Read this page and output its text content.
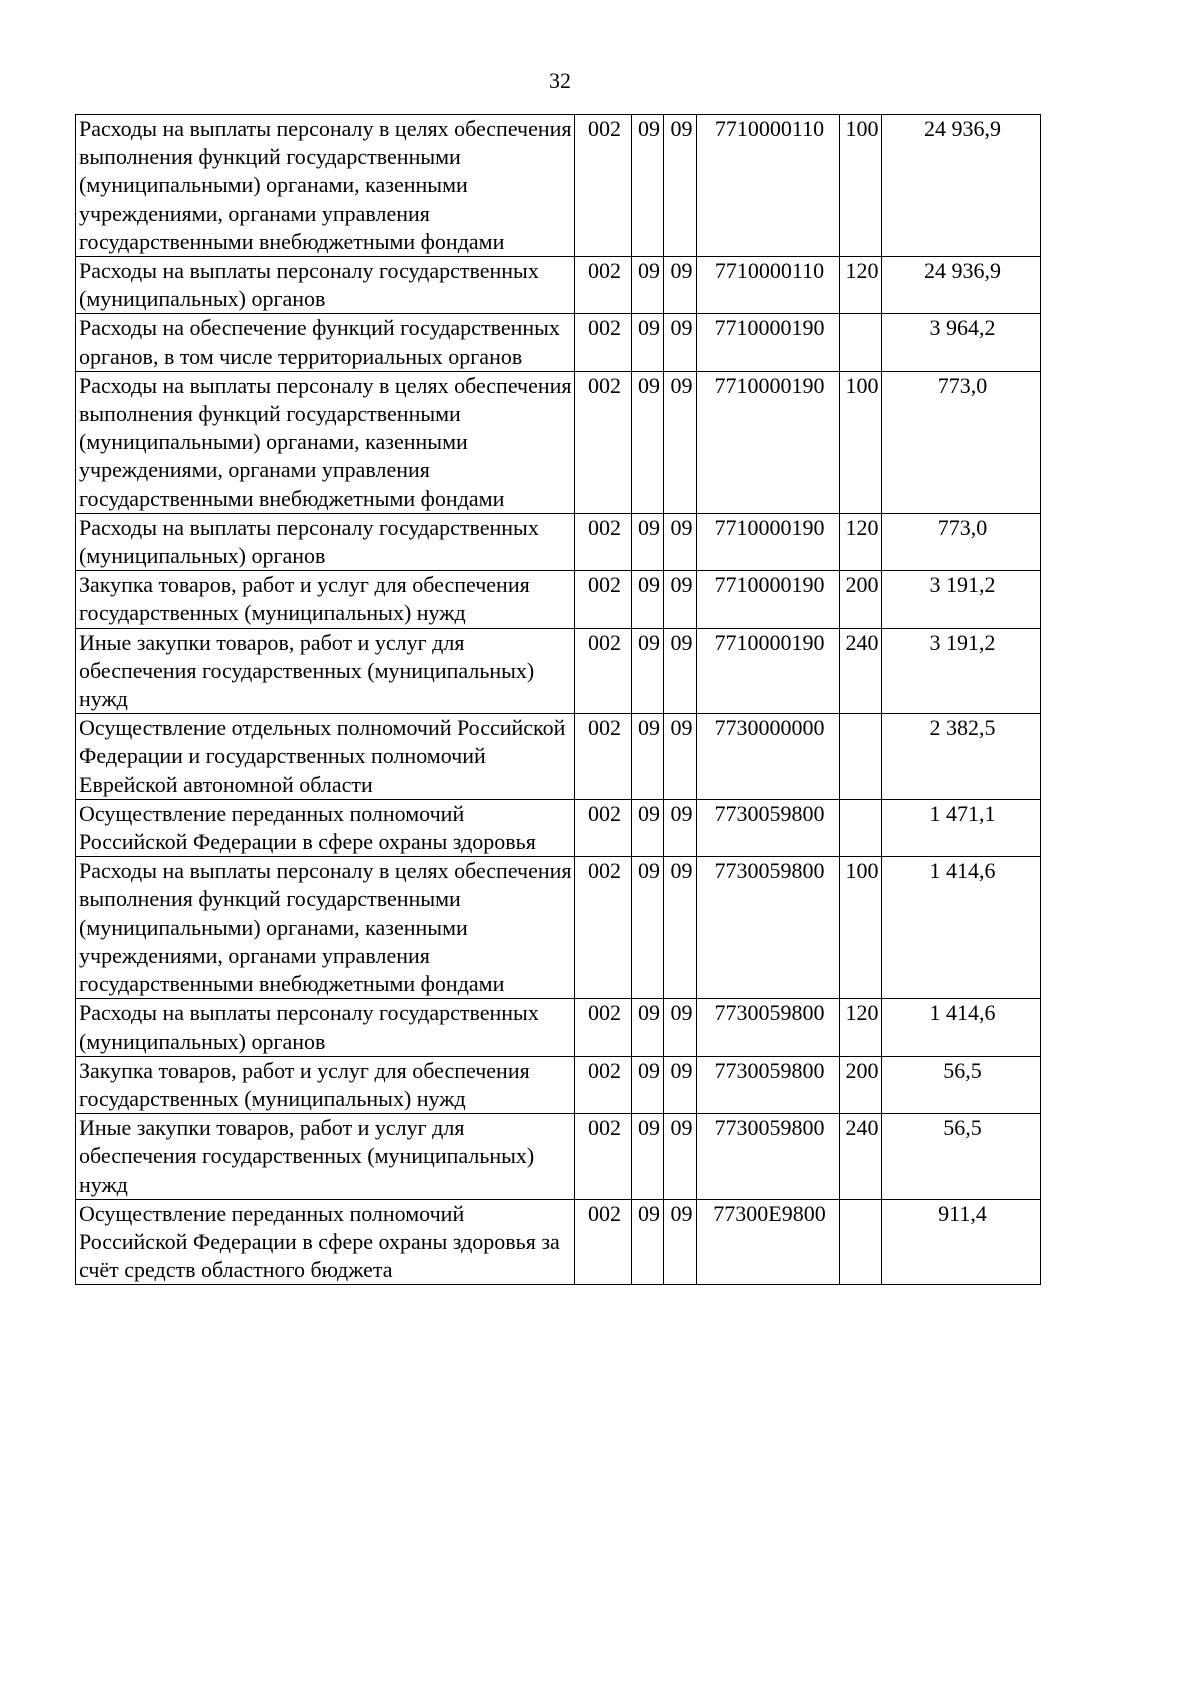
32
Расходы на выплаты персоналу в целях обеспечения выполнения функций государственными (муниципальными) органами, казенными учреждениями, органами управления государственными внебюджетными фондами	002	09	09	7710000110	100	24 936,9
Расходы на выплаты персоналу государственных (муниципальных) органов	002	09	09	7710000110	120	24 936,9
Расходы на обеспечение функций государственных органов, в том числе территориальных органов	002	09	09	7710000190		3 964,2
Расходы на выплаты персоналу в целях обеспечения выполнения функций государственными (муниципальными) органами, казенными учреждениями, органами управления государственными внебюджетными фондами	002	09	09	7710000190	100	773,0
Расходы на выплаты персоналу государственных (муниципальных) органов	002	09	09	7710000190	120	773,0
Закупка товаров, работ и услуг для обеспечения государственных (муниципальных) нужд	002	09	09	7710000190	200	3 191,2
Иные закупки товаров, работ и услуг для обеспечения государственных (муниципальных) нужд	002	09	09	7710000190	240	3 191,2
Осуществление отдельных полномочий Российской Федерации и государственных полномочий Еврейской автономной области	002	09	09	7730000000		2 382,5
Осуществление переданных полномочий Российской Федерации в сфере охраны здоровья	002	09	09	7730059800		1 471,1
Расходы на выплаты персоналу в целях обеспечения выполнения функций государственными (муниципальными) органами, казенными учреждениями, органами управления государственными внебюджетными фондами	002	09	09	7730059800	100	1 414,6
Расходы на выплаты персоналу государственных (муниципальных) органов	002	09	09	7730059800	120	1 414,6
Закупка товаров, работ и услуг для обеспечения государственных (муниципальных) нужд	002	09	09	7730059800	200	56,5
Иные закупки товаров, работ и услуг для обеспечения государственных (муниципальных) нужд	002	09	09	7730059800	240	56,5
Осуществление переданных полномочий Российской Федерации в сфере охраны здоровья за счёт средств областного бюджета	002	09	09	77300Е9800		911,4
